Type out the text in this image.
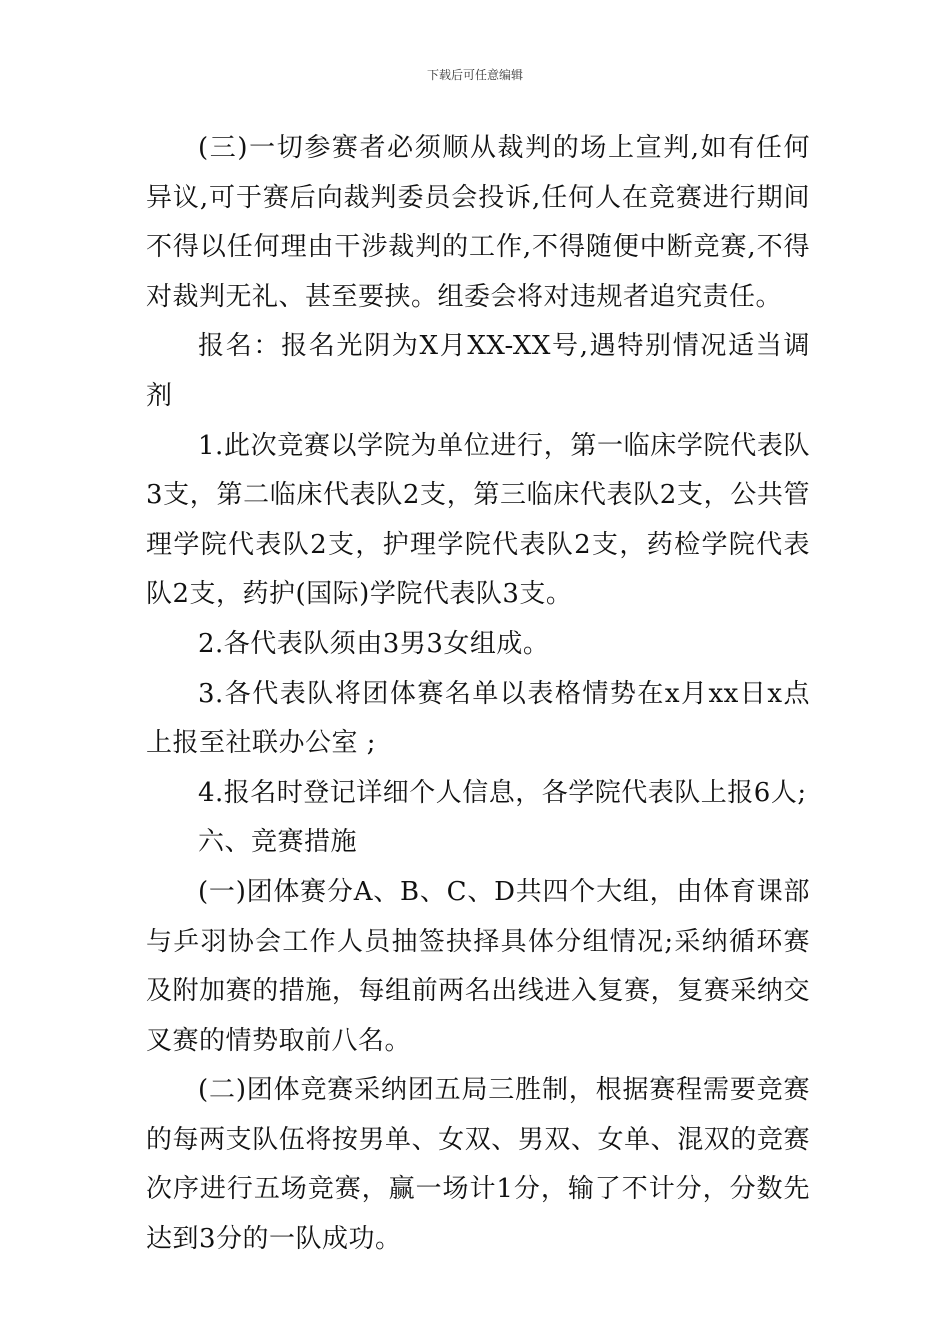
下载后可任意编辑

(三)一切参赛者必须顺从裁判的场上宣判,如有任何异议,可于赛后向裁判委员会投诉,任何人在竞赛进行期间不得以任何理由干涉裁判的工作,不得随便中断竞赛,不得对裁判无礼、甚至要挟。组委会将对违规者追究责任。

报名：报名光阴为X月XX-XX号,遇特别情况适当调剂

1.此次竞赛以学院为单位进行，第一临床学院代表队3支，第二临床代表队2支，第三临床代表队2支，公共管理学院代表队2支，护理学院代表队2支，药检学院代表队2支，药护(国际)学院代表队3支。

2.各代表队须由3男3女组成。

3.各代表队将团体赛名单以表格情势在x月xx日x点上报至社联办公室 ;

4.报名时登记详细个人信息，各学院代表队上报6人;

六、竞赛措施

(一)团体赛分A、B、C、D共四个大组，由体育课部与乒羽协会工作人员抽签抉择具体分组情况;采纳循环赛及附加赛的措施，每组前两名出线进入复赛，复赛采纳交叉赛的情势取前八名。

(二)团体竞赛采纳团五局三胜制，根据赛程需要竞赛的每两支队伍将按男单、女双、男双、女单、混双的竞赛次序进行五场竞赛，赢一场计1分，输了不计分，分数先达到3分的一队成功。
